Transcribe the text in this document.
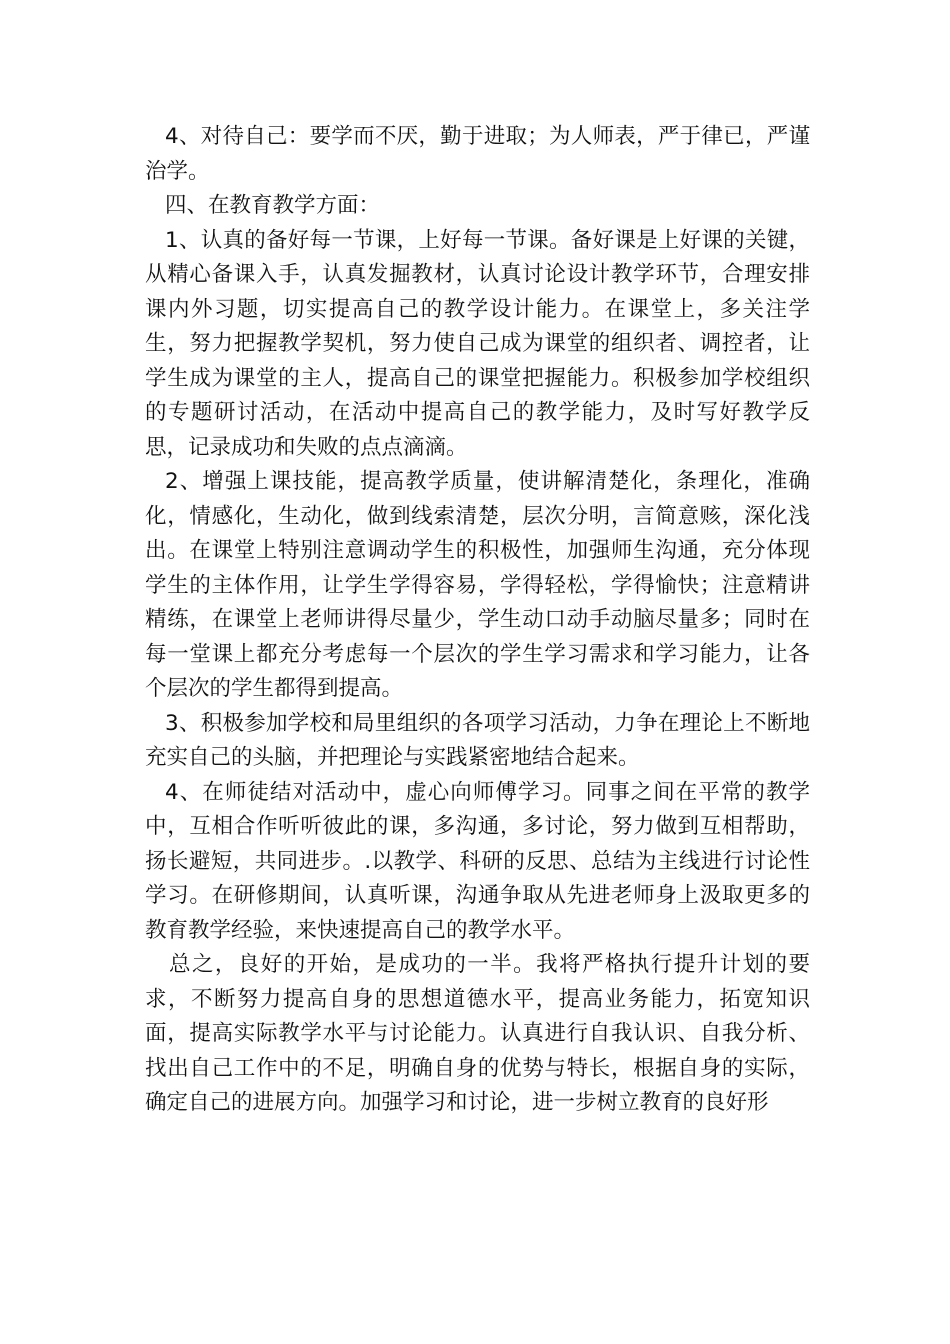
4、对待自己：要学而不厌，勤于进取；为人师表，严于律已，严谨治学。

四、在教育教学方面：

1、认真的备好每一节课，上好每一节课。备好课是上好课的关键，从精心备课入手，认真发掘教材，认真讨论设计教学环节，合理安排课内外习题，切实提高自己的教学设计能力。在课堂上，多关注学生，努力把握教学契机，努力使自己成为课堂的组织者、调控者，让学生成为课堂的主人，提高自己的课堂把握能力。积极参加学校组织的专题研讨活动，在活动中提高自己的教学能力，及时写好教学反思，记录成功和失败的点点滴滴。

2、增强上课技能，提高教学质量，使讲解清楚化，条理化，准确化，情感化，生动化，做到线索清楚，层次分明，言简意赅，深化浅出。在课堂上特别注意调动学生的积极性，加强师生沟通，充分体现学生的主体作用，让学生学得容易，学得轻松，学得愉快；注意精讲精练，在课堂上老师讲得尽量少，学生动口动手动脑尽量多；同时在每一堂课上都充分考虑每一个层次的学生学习需求和学习能力，让各个层次的学生都得到提高。

3、积极参加学校和局里组织的各项学习活动，力争在理论上不断地充实自己的头脑，并把理论与实践紧密地结合起来。

4、在师徒结对活动中，虚心向师傅学习。同事之间在平常的教学中，互相合作听听彼此的课，多沟通，多讨论，努力做到互相帮助，扬长避短，共同进步。.以教学、科研的反思、总结为主线进行讨论性学习。在研修期间，认真听课，沟通争取从先进老师身上汲取更多的教育教学经验，来快速提高自己的教学水平。

总之，良好的开始，是成功的一半。我将严格执行提升计划的要求，不断努力提高自身的思想道德水平，提高业务能力，拓宽知识面，提高实际教学水平与讨论能力。认真进行自我认识、自我分析、找出自己工作中的不足，明确自身的优势与特长，根据自身的实际，确定自己的进展方向。加强学习和讨论，进一步树立教育的良好形
